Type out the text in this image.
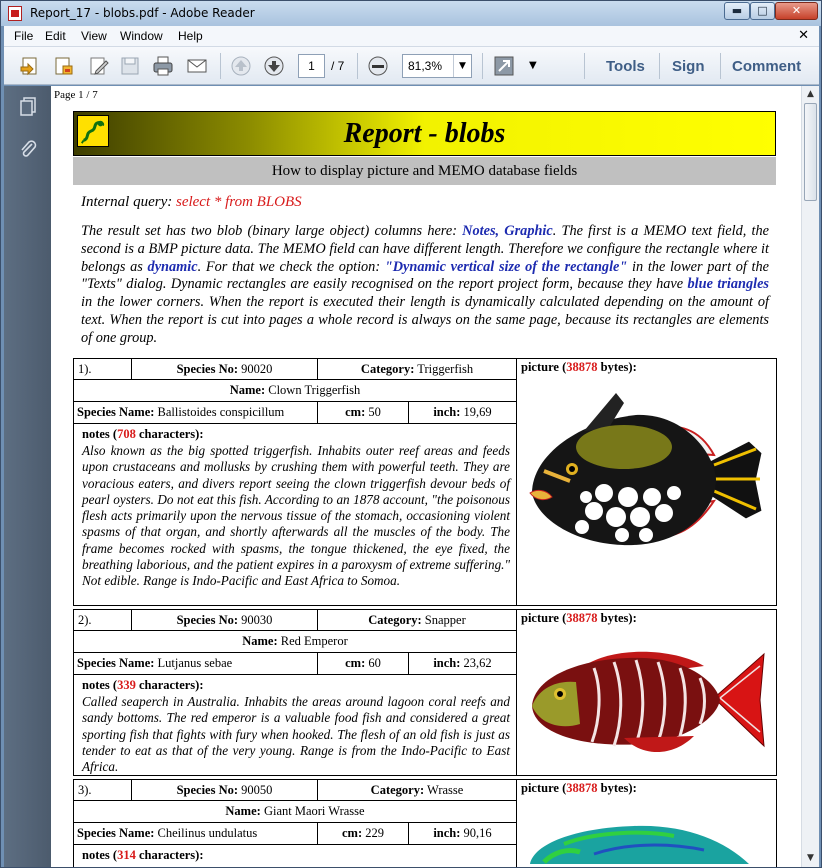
Report_17 - blobs.pdf - Adobe Reader	▬	□	✕
File Edit View Window Help	✕
1	/ 7	81,3%	▼	▼	Tools Sign Comment
Page 1 / 7
Report - blobs
How to display picture and MEMO database fields
Internal query: select * from BLOBS
The result set has two blob (binary large object) columns here: Notes, Graphic. The first is a MEMO text field, the second is a BMP picture data. The MEMO field can have different length. Therefore we configure the rectangle where it belongs as dynamic. For that we check the option: "Dynamic vertical size of the rectangle" in the lower part of the "Texts" dialog. Dynamic rectangles are easily recognised on the report project form, because they have blue triangles in the lower corners. When the report is executed their length is dynamically calculated depending on the amount of text. When the report is cut into pages a whole record is always on the same page, because its rectangles are elements of one group.
1).	Species No: 90020	Category: Triggerfish
Name: Clown Triggerfish
Species Name: Ballistoides conspicillum	cm: 50	inch: 19,69
notes (708 characters):
Also known as the big spotted triggerfish. Inhabits outer reef areas and feeds upon crustaceans and mollusks by crushing them with powerful teeth. They are voracious eaters, and divers report seeing the clown triggerfish devour beds of pearl oysters. Do not eat this fish. According to an 1878 account, "the poisonous flesh acts primarily upon the nervous tissue of the stomach, occasioning violent spasms of that organ, and shortly afterwards all the muscles of the body. The frame becomes rocked with spasms, the tongue thickened, the eye fixed, the breathing laborious, and the patient expires in a paroxysm of extreme suffering." Not edible. Range is Indo-Pacific and East Africa to Somoa.
picture (38878 bytes):
2).	Species No: 90030	Category: Snapper
Name: Red Emperor
Species Name: Lutjanus sebae	cm: 60	inch: 23,62
notes (339 characters):
Called seaperch in Australia. Inhabits the areas around lagoon coral reefs and sandy bottoms. The red emperor is a valuable food fish and considered a great sporting fish that fights with fury when hooked. The flesh of an old fish is just as tender to eat as that of the very young. Range is from the Indo-Pacific to East Africa.
picture (38878 bytes):
3).	Species No: 90050	Category: Wrasse
Name: Giant Maori Wrasse
Species Name: Cheilinus undulatus	cm: 229	inch: 90,16
notes (314 characters):
picture (38878 bytes):
▲
▼
